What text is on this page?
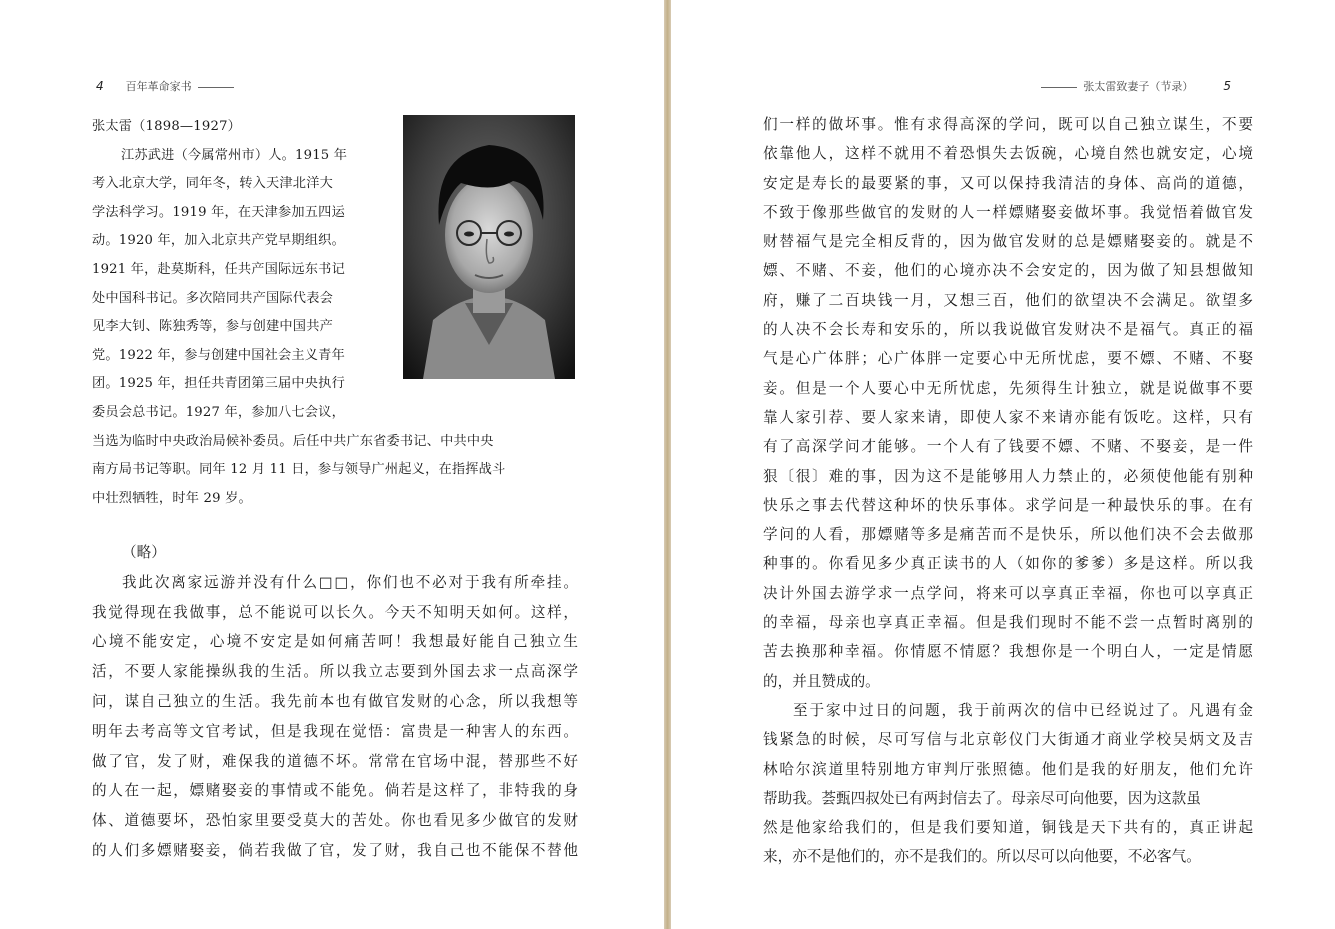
4 百年革命家书
张太雷（1898—1927）
江苏武进（今属常州市）人。1915 年
考入北京大学，同年冬，转入天津北洋大
学法科学习。1919 年，在天津参加五四运
动。1920 年，加入北京共产党早期组织。
1921 年，赴莫斯科，任共产国际远东书记
处中国科书记。多次陪同共产国际代表会
见李大钊、陈独秀等，参与创建中国共产
党。1922 年，参与创建中国社会主义青年
团。1925 年，担任共青团第三届中央执行
委员会总书记。1927 年，参加八七会议，
当选为临时中央政治局候补委员。后任中共广东省委书记、中共中央
南方局书记等职。同年 12 月 11 日，参与领导广州起义，在指挥战斗
中壮烈牺牲，时年 29 岁。
（略）
我此次离家远游并没有什么□□，你们也不必对于我有所牵挂。
我觉得现在我做事，总不能说可以长久。今天不知明天如何。这样，
心境不能安定，心境不安定是如何痛苦呵！我想最好能自己独立生
活，不要人家能操纵我的生活。所以我立志要到外国去求一点高深学
问，谋自己独立的生活。我先前本也有做官发财的心念，所以我想等
明年去考高等文官考试，但是我现在觉悟：富贵是一种害人的东西。
做了官，发了财，难保我的道德不坏。常常在官场中混，替那些不好
的人在一起，嫖赌娶妾的事情或不能免。倘若是这样了，非特我的身
体、道德要坏，恐怕家里要受莫大的苦处。你也看见多少做官的发财
的人们多嫖赌娶妾，倘若我做了官，发了财，我自己也不能保不替他
张太雷致妻子（节录）	5
们一样的做坏事。惟有求得高深的学问，既可以自己独立谋生，不要
依靠他人，这样不就用不着恐惧失去饭碗，心境自然也就安定，心境
安定是寿长的最要紧的事，又可以保持我清洁的身体、高尚的道德，
不致于像那些做官的发财的人一样嫖赌娶妾做坏事。我觉悟着做官发
财替福气是完全相反背的，因为做官发财的总是嫖赌娶妾的。就是不
嫖、不赌、不妾，他们的心境亦决不会安定的，因为做了知县想做知
府，赚了二百块钱一月，又想三百，他们的欲望决不会满足。欲望多
的人决不会长寿和安乐的，所以我说做官发财决不是福气。真正的福
气是心广体胖；心广体胖一定要心中无所忧虑，要不嫖、不赌、不娶
妾。但是一个人要心中无所忧虑，先须得生计独立，就是说做事不要
靠人家引荐、要人家来请，即使人家不来请亦能有饭吃。这样，只有
有了高深学问才能够。一个人有了钱要不嫖、不赌、不娶妾，是一件
狠〔很〕难的事，因为这不是能够用人力禁止的，必须使他能有别种
快乐之事去代替这种坏的快乐事体。求学问是一种最快乐的事。在有
学问的人看，那嫖赌等多是痛苦而不是快乐，所以他们决不会去做那
种事的。你看见多少真正读书的人（如你的爹爹）多是这样。所以我
决计外国去游学求一点学问，将来可以享真正幸福，你也可以享真正
的幸福，母亲也享真正幸福。但是我们现时不能不尝一点暂时离别的
苦去换那种幸福。你情愿不情愿？我想你是一个明白人，一定是情愿
的，并且赞成的。
至于家中过日的问题，我于前两次的信中已经说过了。凡遇有金
钱紧急的时候，尽可写信与北京彰仪门大街通才商业学校吴炳文及吉
林哈尔滨道里特别地方审判厅张照德。他们是我的好朋友，他们允许
帮助我。荟甄四叔处已有两封信去了。母亲尽可向他要，因为这款虽
然是他家给我们的，但是我们要知道，铜钱是天下共有的，真正讲起
来，亦不是他们的，亦不是我们的。所以尽可以向他要，不必客气。
